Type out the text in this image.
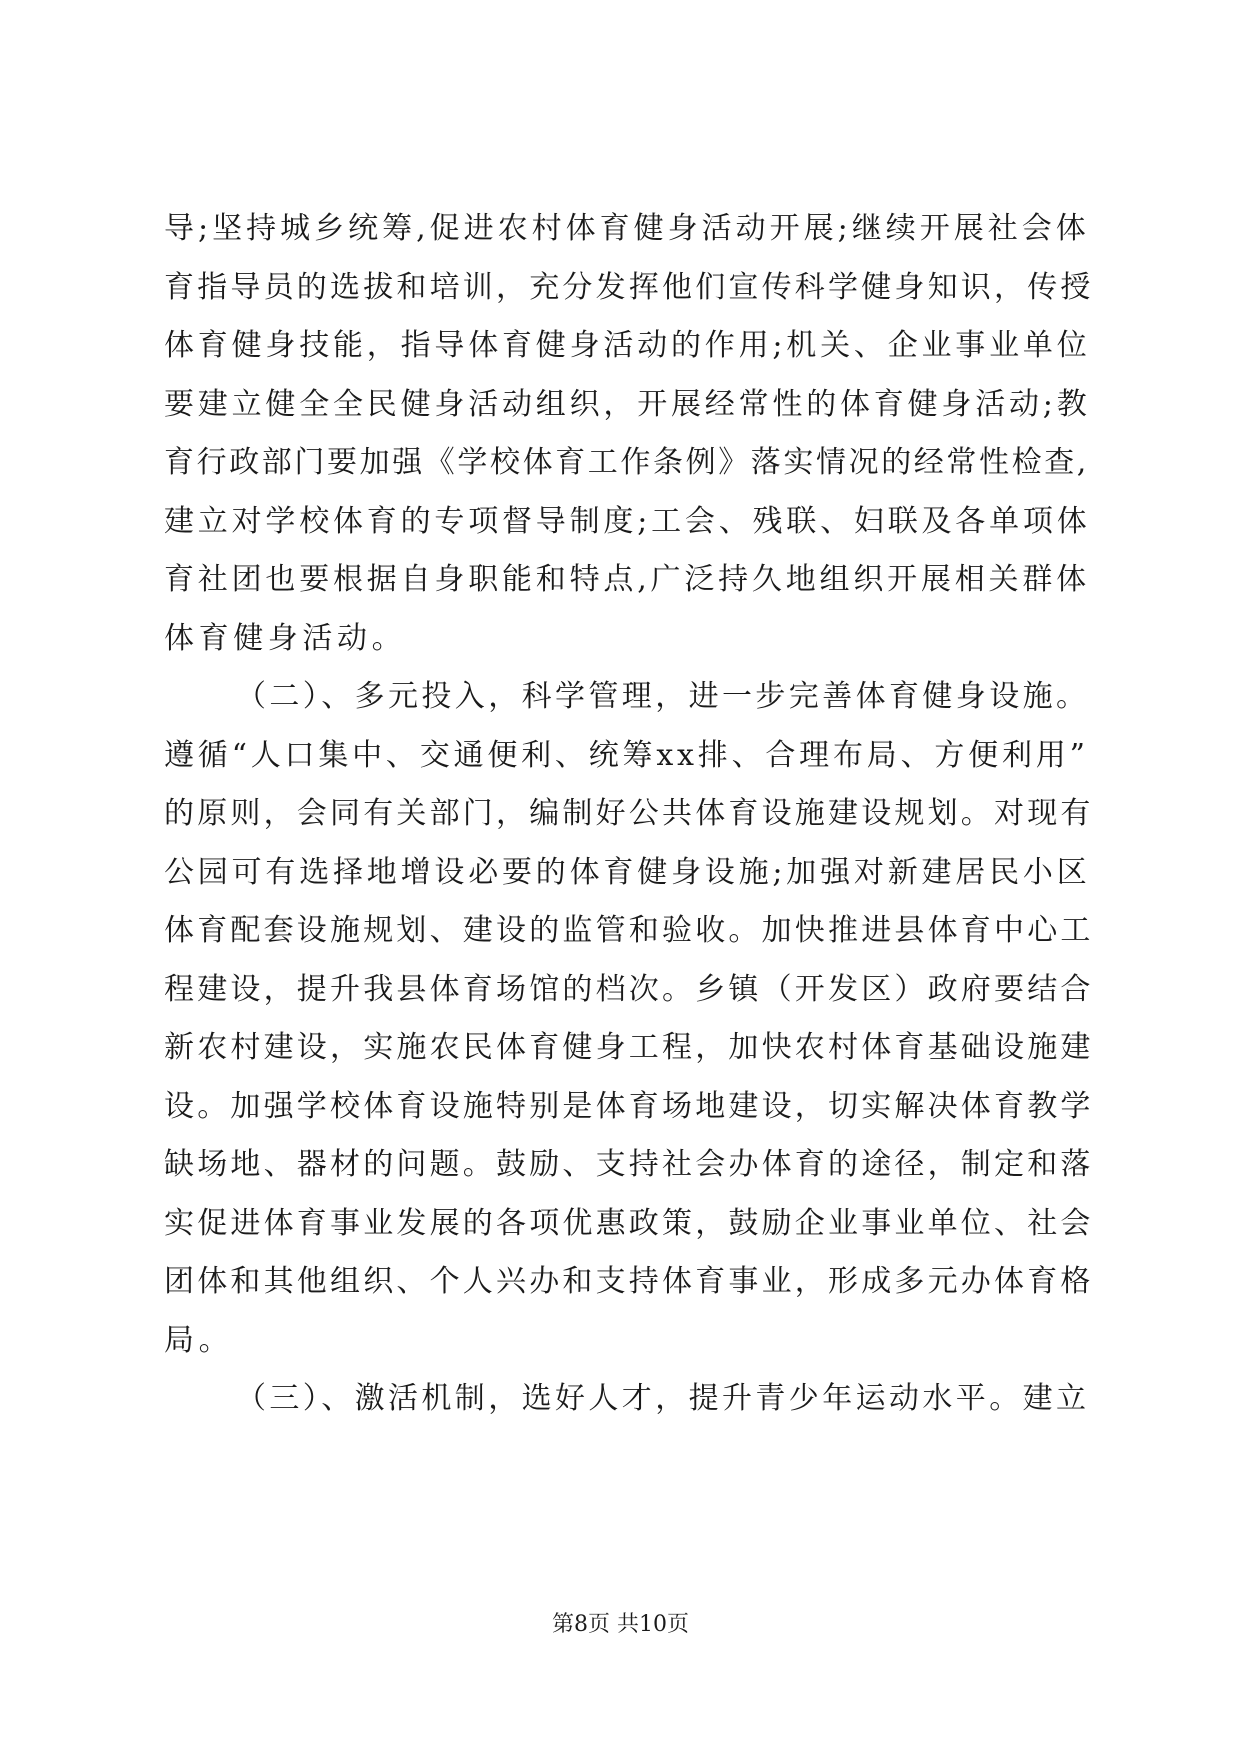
导;坚持城乡统筹,促进农村体育健身活动开展;继续开展社会体
育指导员的选拔和培训，充分发挥他们宣传科学健身知识，传授
体育健身技能，指导体育健身活动的作用;机关、企业事业单位
要建立健全全民健身活动组织，开展经常性的体育健身活动;教
育行政部门要加强《学校体育工作条例》落实情况的经常性检查,
建立对学校体育的专项督导制度;工会、残联、妇联及各单项体
育社团也要根据自身职能和特点,广泛持久地组织开展相关群体
体育健身活动。
（二）、多元投入，科学管理，进一步完善体育健身设施。
遵循“人口集中、交通便利、统筹xx排、合理布局、方便利用”
的原则，会同有关部门，编制好公共体育设施建设规划。对现有
公园可有选择地增设必要的体育健身设施;加强对新建居民小区
体育配套设施规划、建设的监管和验收。加快推进县体育中心工
程建设，提升我县体育场馆的档次。乡镇（开发区）政府要结合
新农村建设，实施农民体育健身工程，加快农村体育基础设施建
设。加强学校体育设施特别是体育场地建设，切实解决体育教学
缺场地、器材的问题。鼓励、支持社会办体育的途径，制定和落
实促进体育事业发展的各项优惠政策，鼓励企业事业单位、社会
团体和其他组织、个人兴办和支持体育事业，形成多元办体育格
局。
（三）、激活机制，选好人才，提升青少年运动水平。建立
第8页 共10页
